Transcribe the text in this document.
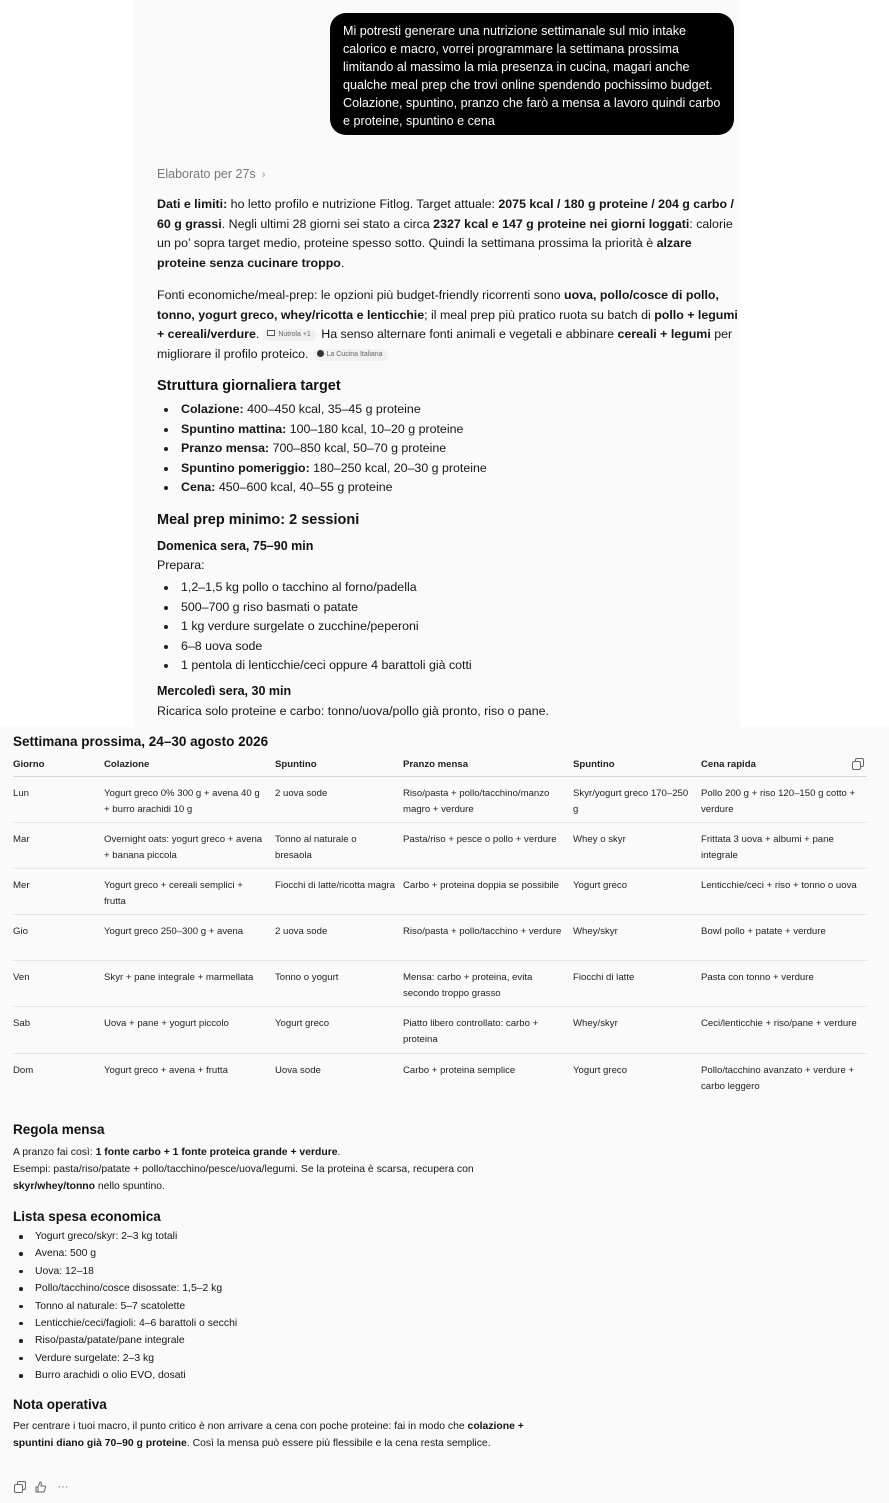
Mi potresti generare una nutrizione settimanale sul mio intake calorico e macro, vorrei programmare la settimana prossima limitando al massimo la mia presenza in cucina, magari anche qualche meal prep che trovi online spendendo pochissimo budget. Colazione, spuntino, pranzo che farò a mensa a lavoro quindi carbo e proteine, spuntino e cena
Elaborato per 27s ›
Dati e limiti: ho letto profilo e nutrizione Fitlog. Target attuale: 2075 kcal / 180 g proteine / 204 g carbo / 60 g grassi. Negli ultimi 28 giorni sei stato a circa 2327 kcal e 147 g proteine nei giorni loggati: calorie un po’ sopra target medio, proteine spesso sotto. Quindi la settimana prossima la priorità è alzare proteine senza cucinare troppo.
Fonti economiche/meal-prep: le opzioni più budget-friendly ricorrenti sono uova, pollo/cosce di pollo, tonno, yogurt greco, whey/ricotta e lenticchie; il meal prep più pratico ruota su batch di pollo + legumi + cereali/verdure.	Nutrola +1 Ha senso alternare fonti animali e vegetali e abbinare cereali + legumi per migliorare il profilo proteico.	La Cucina Italiana
Struttura giornaliera target
Colazione: 400–450 kcal, 35–45 g proteine
Spuntino mattina: 100–180 kcal, 10–20 g proteine
Pranzo mensa: 700–850 kcal, 50–70 g proteine
Spuntino pomeriggio: 180–250 kcal, 20–30 g proteine
Cena: 450–600 kcal, 40–55 g proteine
Meal prep minimo: 2 sessioni
Domenica sera, 75–90 min
Prepara:
1,2–1,5 kg pollo o tacchino al forno/padella
500–700 g riso basmati o patate
1 kg verdure surgelate o zucchine/peperoni
6–8 uova sode
1 pentola di lenticchie/ceci oppure 4 barattoli già cotti
Mercoledì sera, 30 min
Ricarica solo proteine e carbo: tonno/uova/pollo già pronto, riso o pane.
Settimana prossima, 24–30 agosto 2026
Giorno	Colazione	Spuntino	Pranzo mensa	Spuntino	Cena rapida
Lun	Yogurt greco 0% 300 g + avena 40 g + burro arachidi 10 g	2 uova sode	Riso/pasta + pollo/tacchino/manzo magro + verdure	Skyr/yogurt greco 170–250 g	Pollo 200 g + riso 120–150 g cotto + verdure
Mar	Overnight oats: yogurt greco + avena + banana piccola	Tonno al naturale o bresaola	Pasta/riso + pesce o pollo + verdure	Whey o skyr	Frittata 3 uova + albumi + pane integrale
Mer	Yogurt greco + cereali semplici + frutta	Fiocchi di latte/ricotta magra	Carbo + proteina doppia se possibile	Yogurt greco	Lenticchie/ceci + riso + tonno o uova
Gio	Yogurt greco 250–300 g + avena	2 uova sode	Riso/pasta + pollo/tacchino + verdure	Whey/skyr	Bowl pollo + patate + verdure
Ven	Skyr + pane integrale + marmellata	Tonno o yogurt	Mensa: carbo + proteina, evita secondo troppo grasso	Fiocchi di latte	Pasta con tonno + verdure
Sab	Uova + pane + yogurt piccolo	Yogurt greco	Piatto libero controllato: carbo + proteina	Whey/skyr	Ceci/lenticchie + riso/pane + verdure
Dom	Yogurt greco + avena + frutta	Uova sode	Carbo + proteina semplice	Yogurt greco	Pollo/tacchino avanzato + verdure + carbo leggero
Regola mensa
A pranzo fai così: 1 fonte carbo + 1 fonte proteica grande + verdure.
Esempi: pasta/riso/patate + pollo/tacchino/pesce/uova/legumi. Se la proteina è scarsa, recupera con skyr/whey/tonno nello spuntino.
Lista spesa economica
Yogurt greco/skyr: 2–3 kg totali
Avena: 500 g
Uova: 12–18
Pollo/tacchino/cosce disossate: 1,5–2 kg
Tonno al naturale: 5–7 scatolette
Lenticchie/ceci/fagioli: 4–6 barattoli o secchi
Riso/pasta/patate/pane integrale
Verdure surgelate: 2–3 kg
Burro arachidi o olio EVO, dosati
Nota operativa
Per centrare i tuoi macro, il punto critico è non arrivare a cena con poche proteine: fai in modo che colazione + spuntini diano già 70–90 g proteine. Così la mensa può essere più flessibile e la cena resta semplice.
···
